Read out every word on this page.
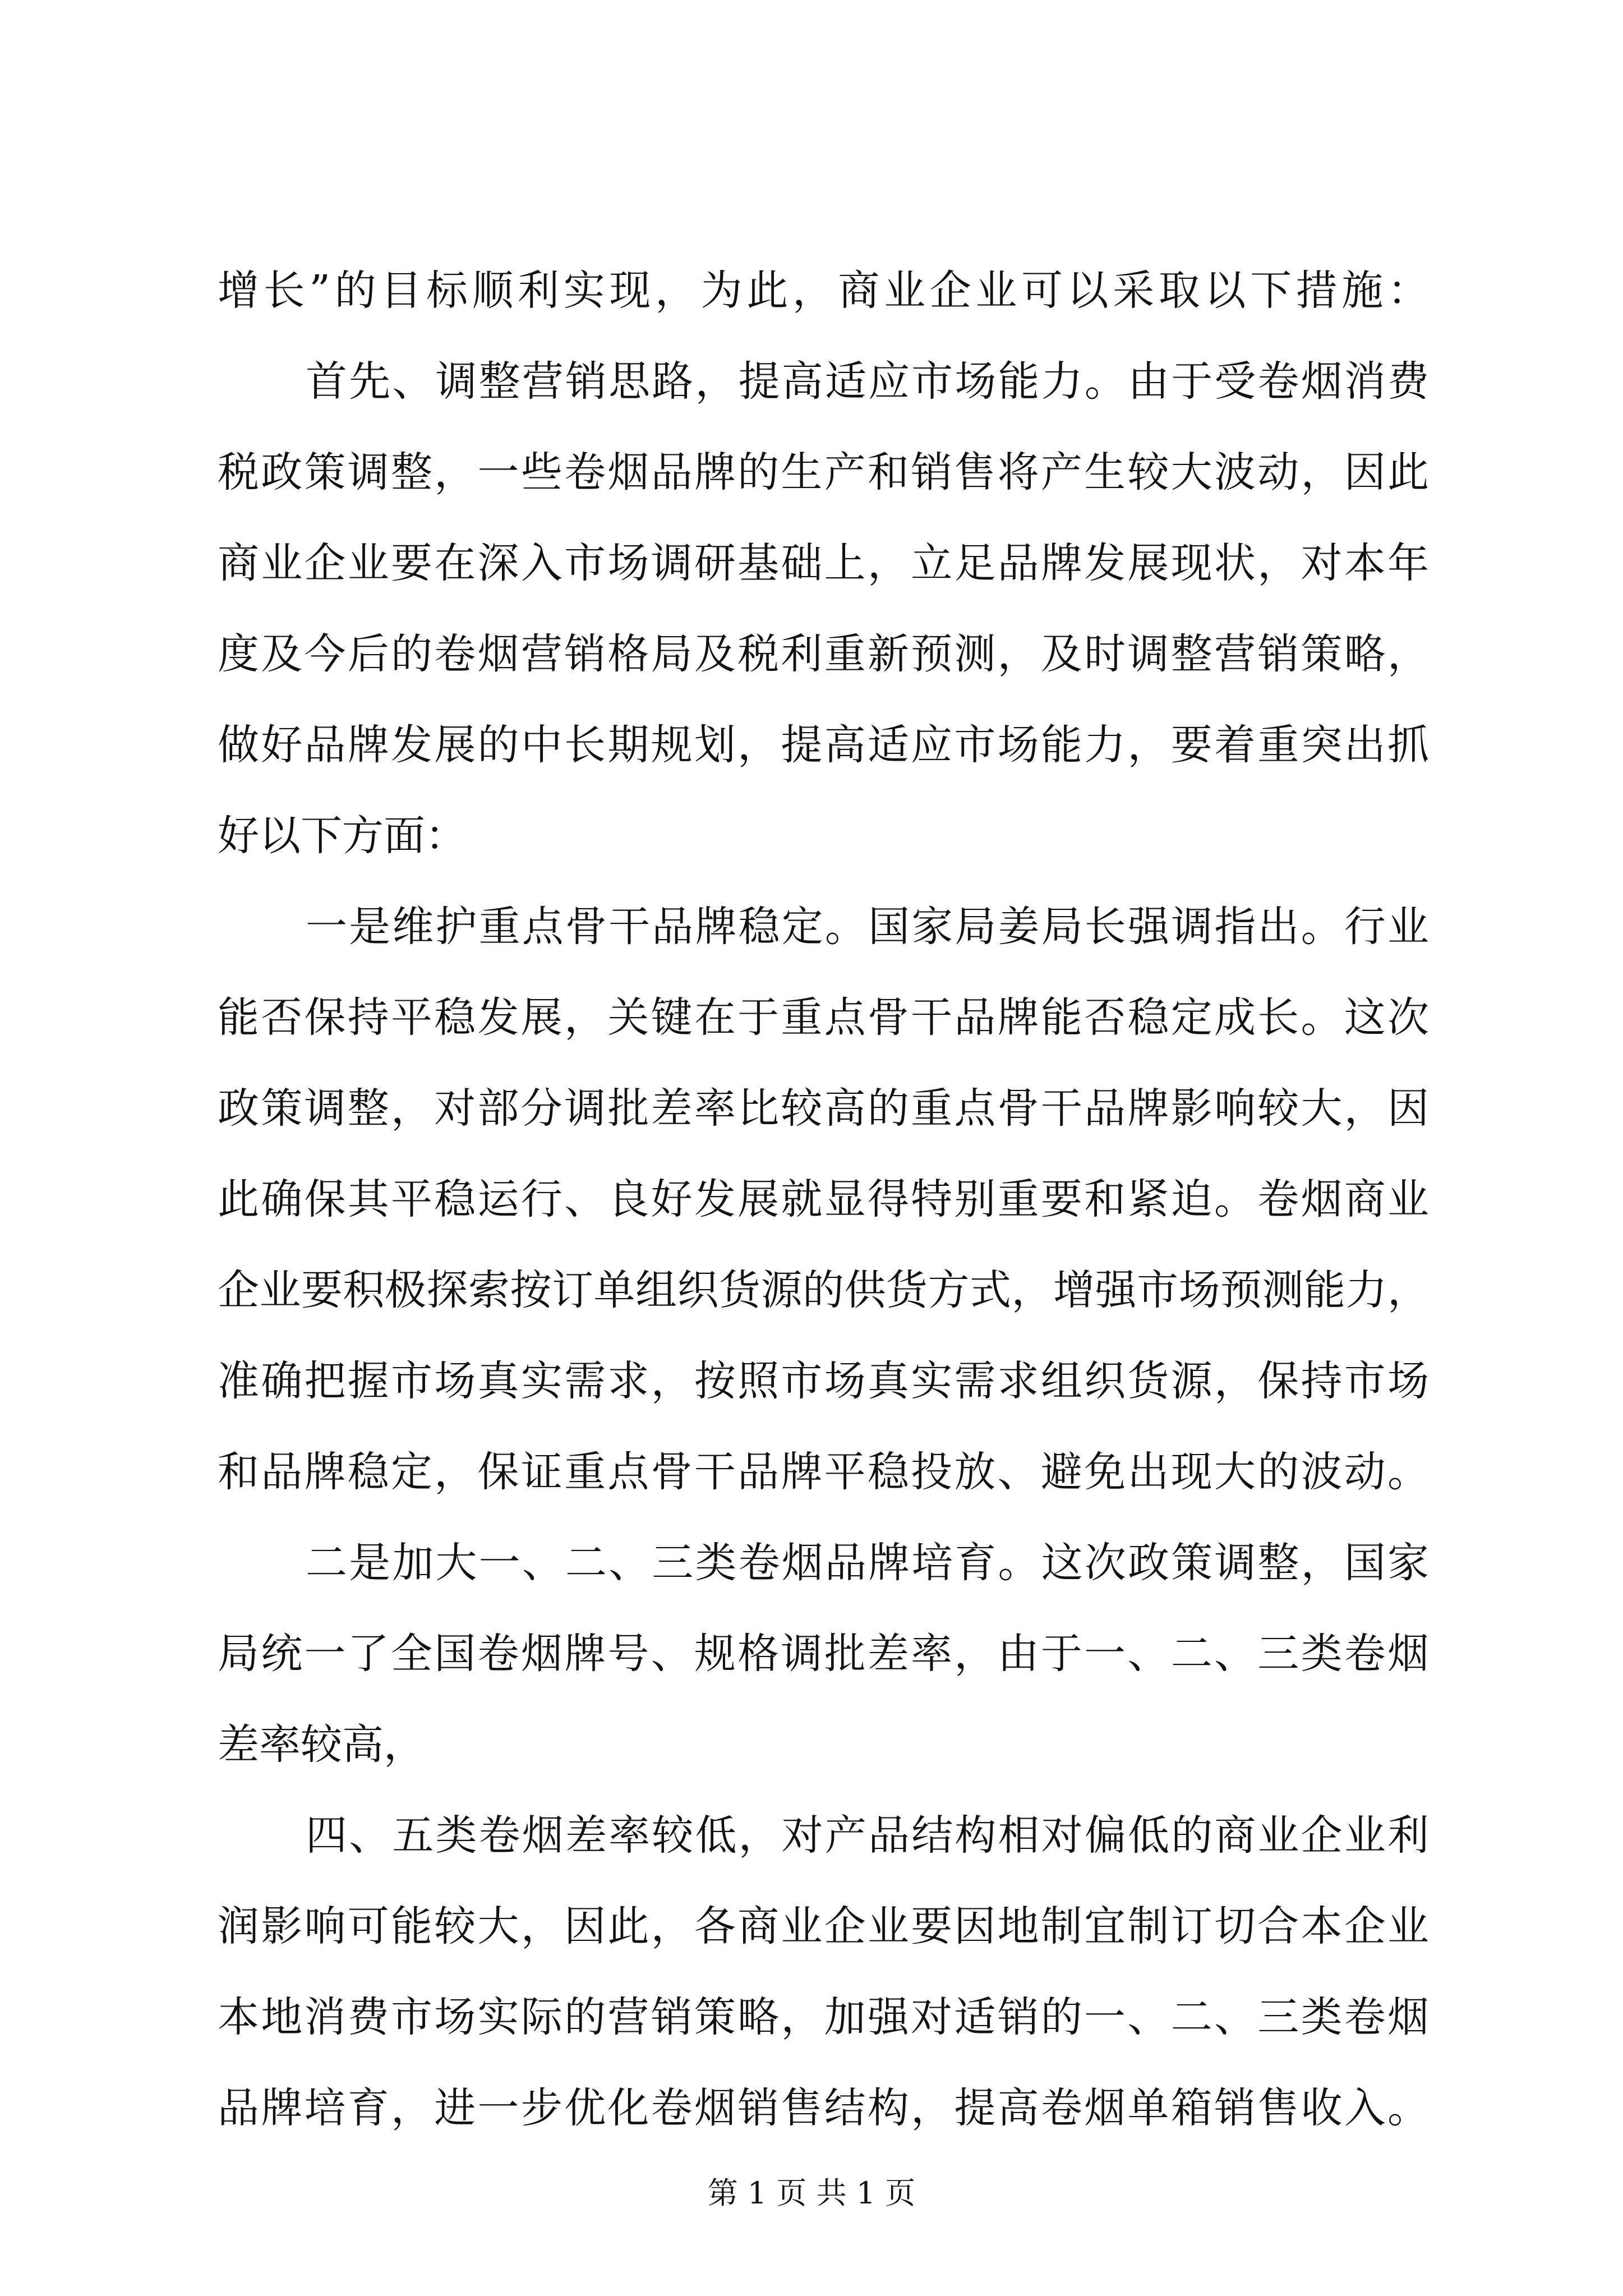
增长”的目标顺利实现，为此，商业企业可以采取以下措施：
首先、调整营销思路，提高适应市场能力。由于受卷烟消费
税政策调整，一些卷烟品牌的生产和销售将产生较大波动，因此
商业企业要在深入市场调研基础上，立足品牌发展现状，对本年
度及今后的卷烟营销格局及税利重新预测，及时调整营销策略，
做好品牌发展的中长期规划，提高适应市场能力，要着重突出抓
好以下方面：
一是维护重点骨干品牌稳定。国家局姜局长强调指出。行业
能否保持平稳发展，关键在于重点骨干品牌能否稳定成长。这次
政策调整，对部分调批差率比较高的重点骨干品牌影响较大，因
此确保其平稳运行、良好发展就显得特别重要和紧迫。卷烟商业
企业要积极探索按订单组织货源的供货方式，增强市场预测能力，
准确把握市场真实需求，按照市场真实需求组织货源，保持市场
和品牌稳定，保证重点骨干品牌平稳投放、避免出现大的波动。
二是加大一、二、三类卷烟品牌培育。这次政策调整，国家
局统一了全国卷烟牌号、规格调批差率，由于一、二、三类卷烟
差率较高，
四、五类卷烟差率较低，对产品结构相对偏低的商业企业利
润影响可能较大，因此，各商业企业要因地制宜制订切合本企业
本地消费市场实际的营销策略，加强对适销的一、二、三类卷烟
品牌培育，进一步优化卷烟销售结构，提高卷烟单箱销售收入。
第 1 页 共 1 页
